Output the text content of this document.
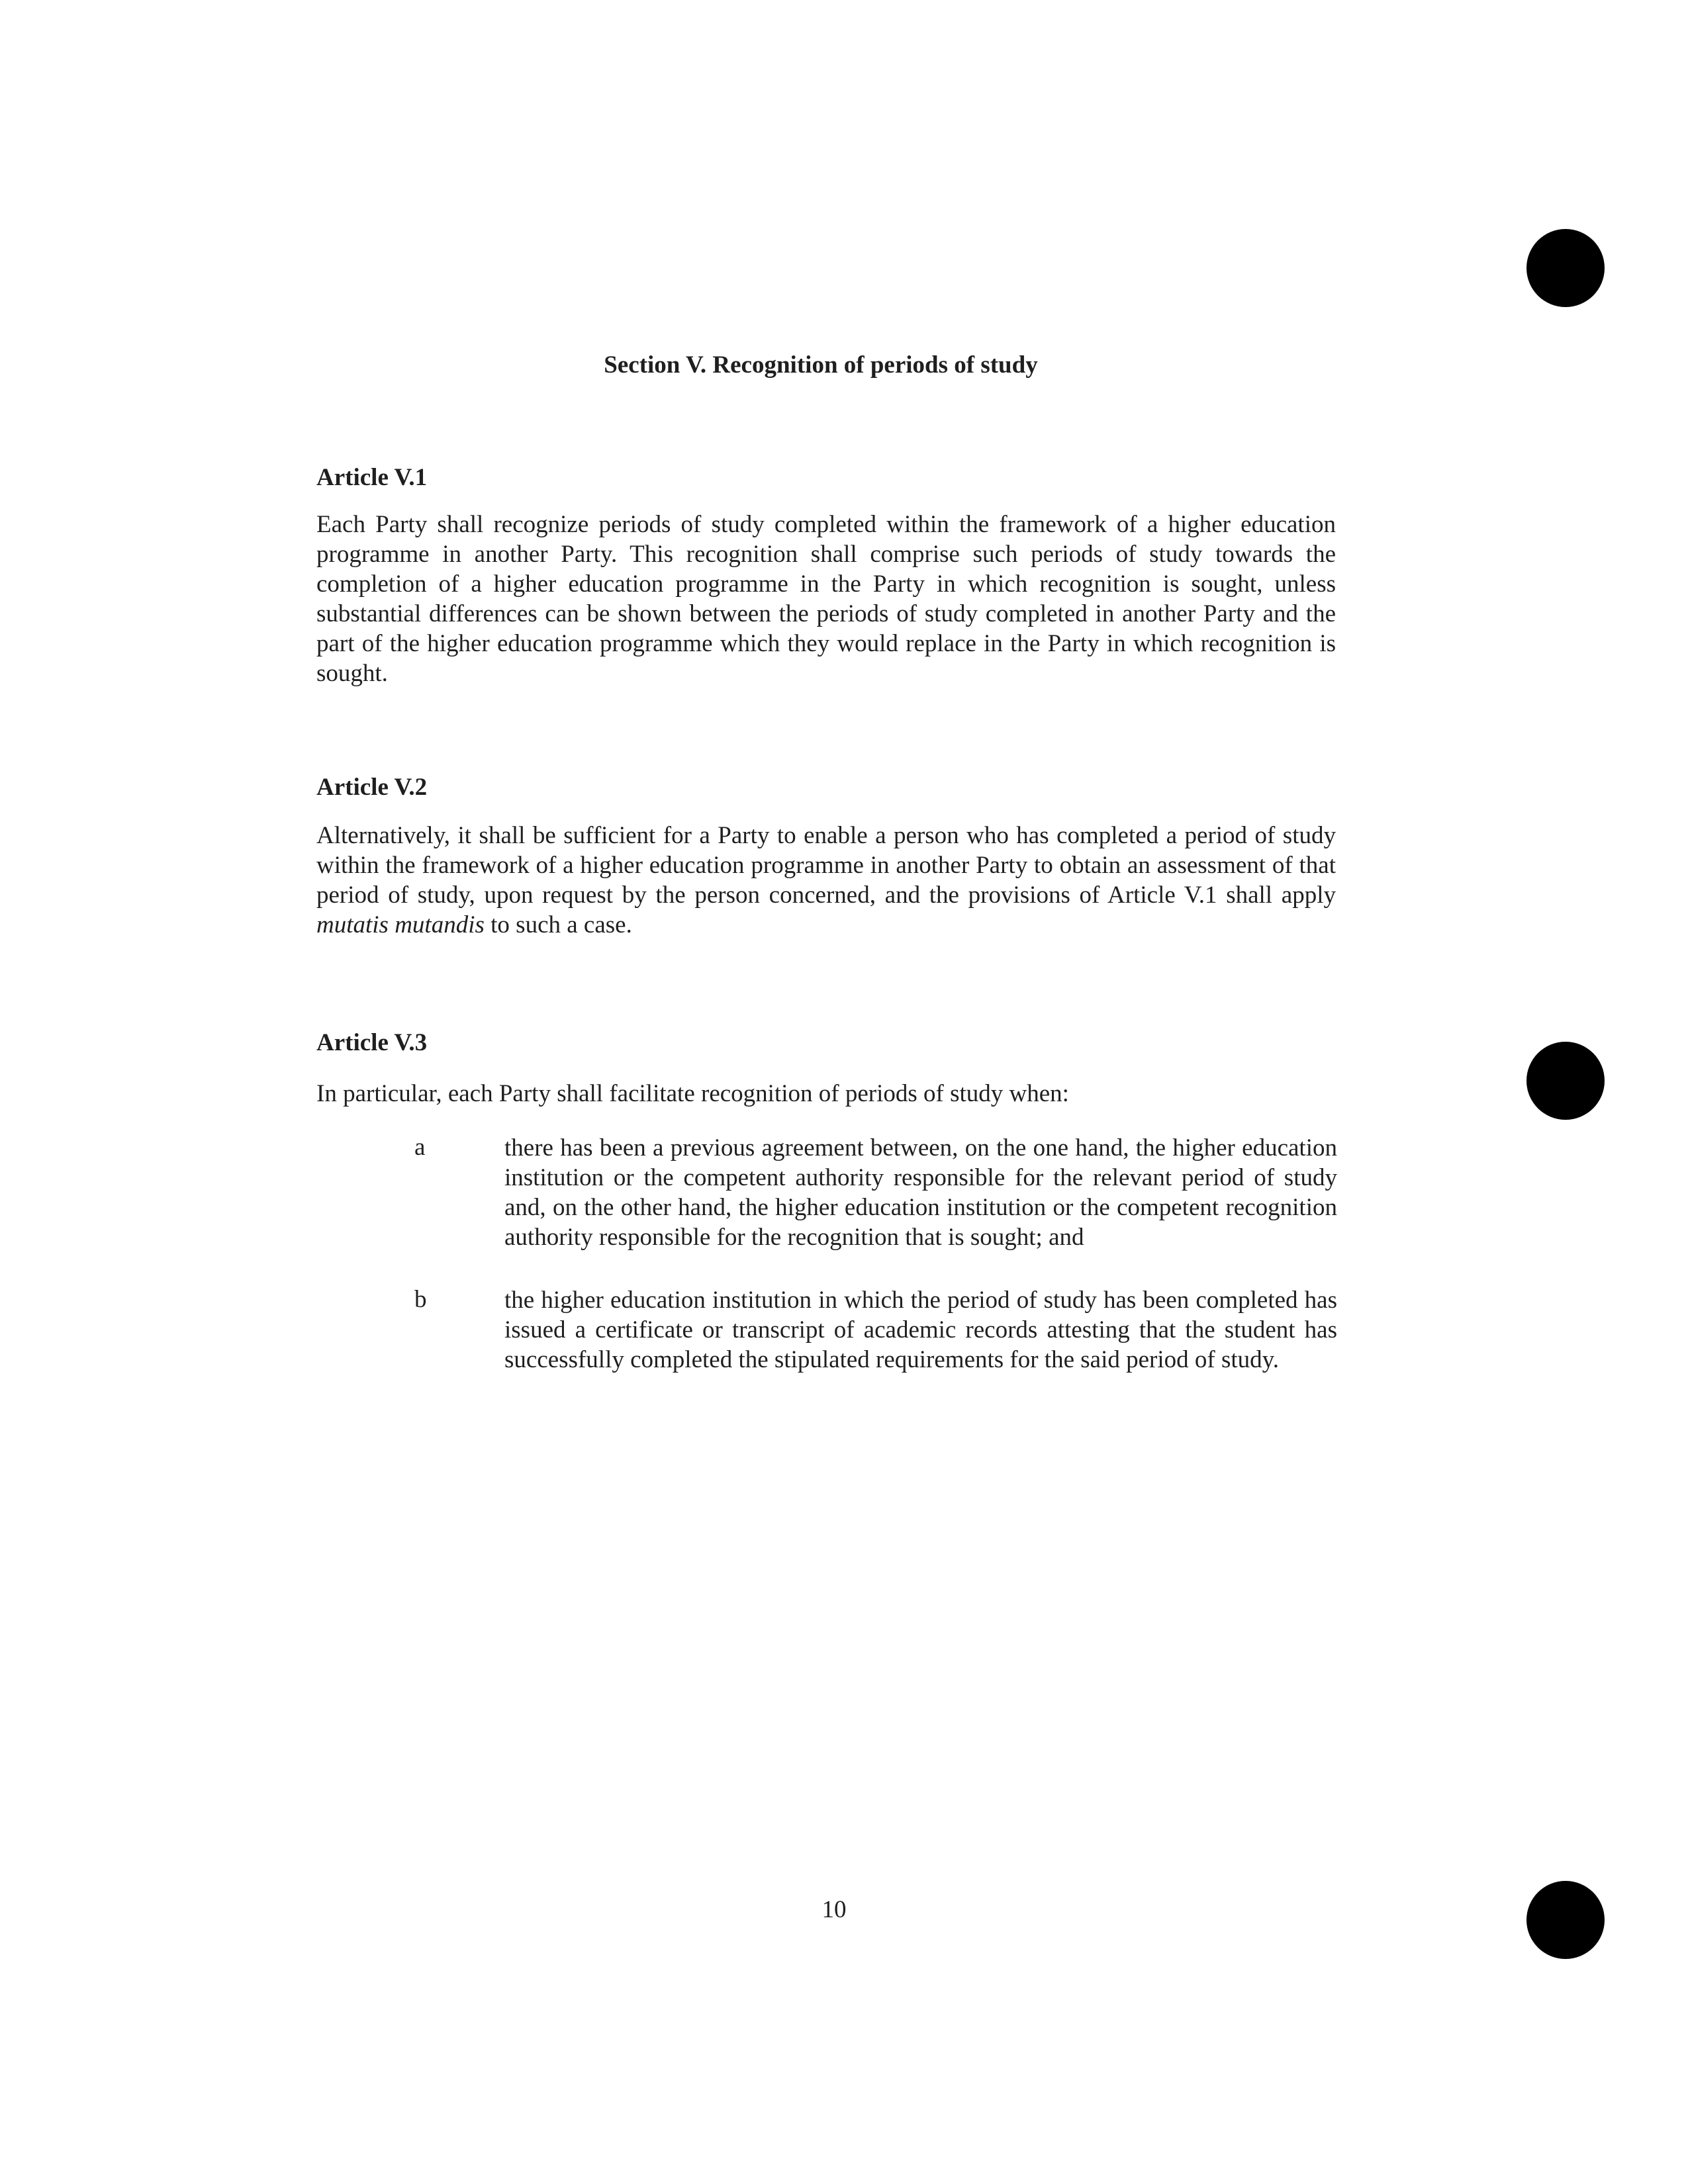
Section V. Recognition of periods of study
Article V.1

Each Party shall recognize periods of study completed within the framework of a higher education programme in another Party. This recognition shall comprise such periods of study towards the completion of a higher education programme in the Party in which recognition is sought, unless substantial differences can be shown between the periods of study completed in another Party and the part of the higher education programme which they would replace in the Party in which recognition is sought.

Article V.2

Alternatively, it shall be sufficient for a Party to enable a person who has completed a period of study within the framework of a higher education programme in another Party to obtain an assessment of that period of study, upon request by the person concerned, and the provisions of Article V.1 shall apply mutatis mutandis to such a case.

Article V.3

In particular, each Party shall facilitate recognition of periods of study when:

a	there has been a previous agreement between, on the one hand, the higher education institution or the competent authority responsible for the relevant period of study and, on the other hand, the higher education institution or the competent recognition authority responsible for the recognition that is sought; and

b	the higher education institution in which the period of study has been completed has issued a certificate or transcript of academic records attesting that the student has successfully completed the stipulated requirements for the said period of study.

10
